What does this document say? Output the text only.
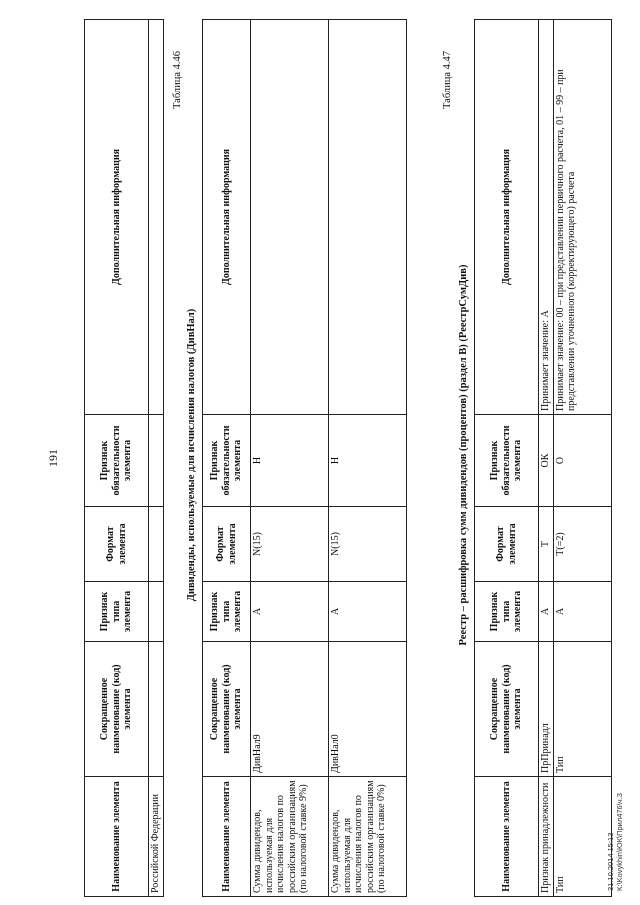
191
Наименование элемента	Сокращенное наименование (код) элемента	Признак типа элемента	Формат элемента	Признак обязательности элемента	Дополнительная информация
Российской Федерации					
Таблица 4.46
Дивиденды, используемые для исчисления налогов (ДивНал)
Наименование элемента	Сокращенное наименование (код) элемента	Признак типа элемента	Формат элемента	Признак обязательности элемента	Дополнительная информация
Сумма дивидендов, используемая для исчисления налогов по российским организациям (по налоговой ставке 9%)	ДивНал9	А	N(15)	Н	
Сумма дивидендов, используемая для исчисления налогов по российским организациям (по налоговой ставке 0%)	ДивНал0	А	N(15)	Н	
Таблица 4.47
Реестр – расшифровка сумм дивидендов (процентов) (раздел В) (РеестрСумДив)
Наименование элемента	Сокращенное наименование (код) элемента	Признак типа элемента	Формат элемента	Признак обязательности элемента	Дополнительная информация
Признак принадлежности	ПрПринадл	А	Т	ОК	Принимает значение: А
Тип	Тип	А	Т(=2)	О	Принимает значение: 00 – при представлении первичного расчета, 01 – 99 – при представлении уточненного (корректирующего) расчета
31.10.2014 15:13 К:\Kovykhin\ЮК\Прил476\ч.3
